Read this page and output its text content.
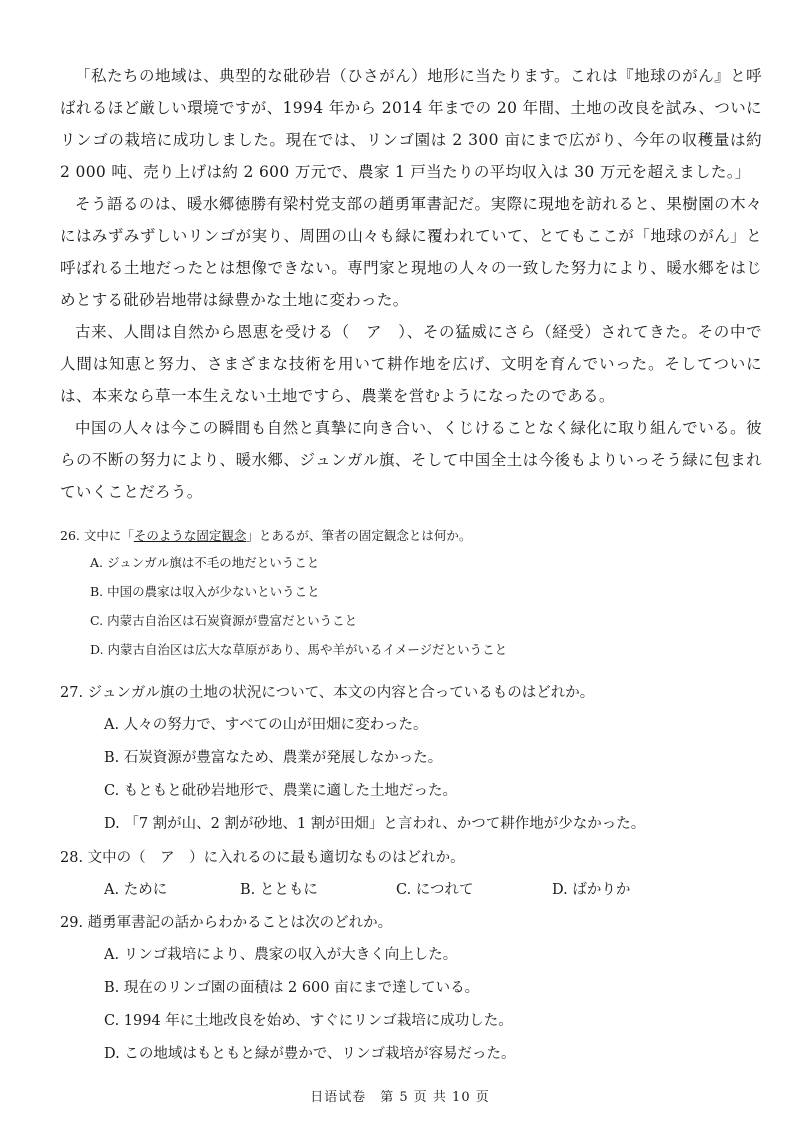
「私たちの地域は、典型的な砒砂岩（ひさがん）地形に当たります。これは『地球のがん』と呼ばれるほど厳しい環境ですが、1994 年から 2014 年までの 20 年間、土地の改良を試み、ついにリンゴの栽培に成功しました。現在では、リンゴ園は 2 300 亩にまで広がり、今年の収穫量は約 2 000 吨、売り上げは約 2 600 万元で、農家 1 戸当たりの平均収入は 30 万元を超えました。」

そう語るのは、暖水郷徳勝有梁村党支部の趙勇軍書記だ。実際に現地を訪れると、果樹園の木々にはみずみずしいリンゴが実り、周囲の山々も緑に覆われていて、とてもここが「地球のがん」と呼ばれる土地だったとは想像できない。専門家と現地の人々の一致した努力により、暖水郷をはじめとする砒砂岩地帯は緑豊かな土地に変わった。

古来、人間は自然から恩恵を受ける（　ア　）、その猛威にさら（経受）されてきた。その中で人間は知恵と努力、さまざまな技術を用いて耕作地を広げ、文明を育んでいった。そしてついには、本来なら草一本生えない土地ですら、農業を営むようになったのである。

中国の人々は今この瞬間も自然と真摯に向き合い、くじけることなく緑化に取り組んでいる。彼らの不断の努力により、暖水郷、ジュンガル旗、そして中国全土は今後もよりいっそう緑に包まれていくことだろう。

26. 文中に「そのような固定観念」とあるが、筆者の固定観念とは何か。
A. ジュンガル旗は不毛の地だということ
B. 中国の農家は収入が少ないということ
C. 内蒙古自治区は石炭資源が豊富だということ
D. 内蒙古自治区は広大な草原があり、馬や羊がいるイメージだということ
27. ジュンガル旗の土地の状況について、本文の内容と合っているものはどれか。
A. 人々の努力で、すべての山が田畑に変わった。
B. 石炭資源が豊富なため、農業が発展しなかった。
C. もともと砒砂岩地形で、農業に適した土地だった。
D. 「7 割が山、2 割が砂地、1 割が田畑」と言われ、かつて耕作地が少なかった。
28. 文中の（　ア　）に入れるのに最も適切なものはどれか。
A. ために	B. とともに	C. につれて	D. ばかりか
29. 趙勇軍書記の話からわかることは次のどれか。
A. リンゴ栽培により、農家の収入が大きく向上した。
B. 現在のリンゴ園の面積は 2 600 亩にまで達している。
C. 1994 年に土地改良を始め、すぐにリンゴ栽培に成功した。
D. この地域はもともと緑が豊かで、リンゴ栽培が容易だった。
日语试卷　第 5 页 共 10 页
